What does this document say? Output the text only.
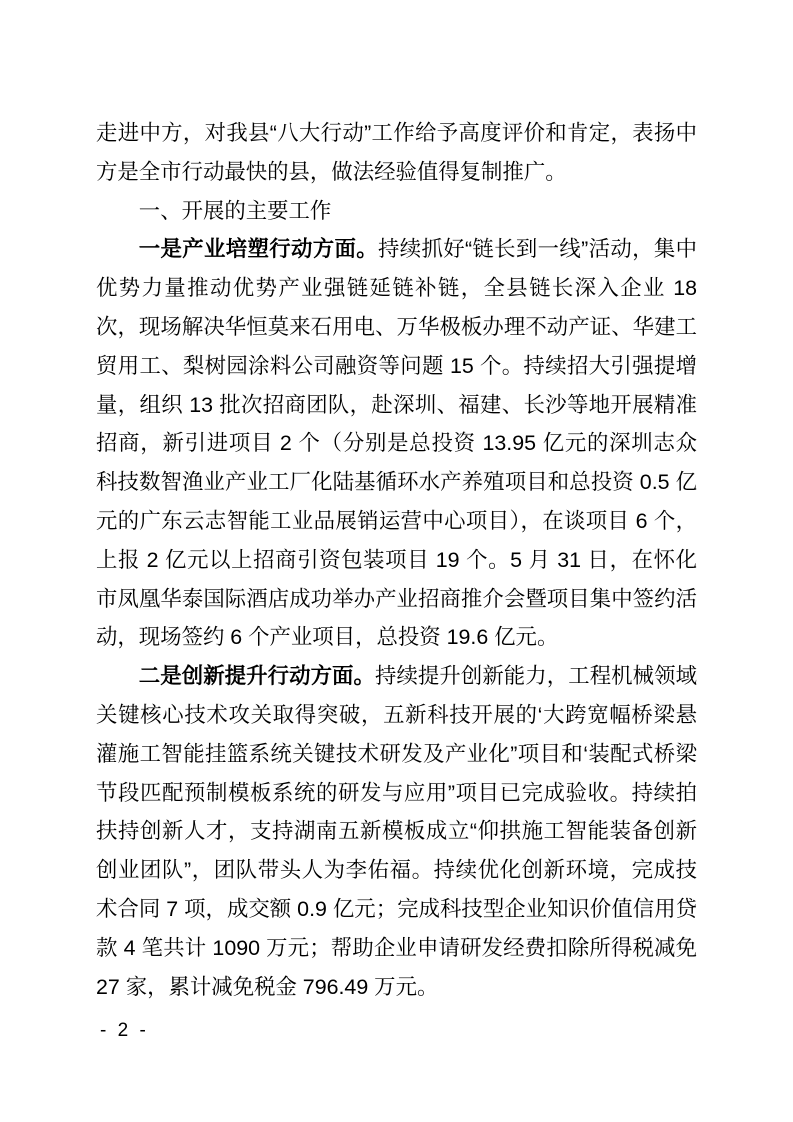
走进中方，对我县“八大行动”工作给予高度评价和肯定，表扬中方是全市行动最快的县，做法经验值得复制推广。

一、开展的主要工作

一是产业培塑行动方面。持续抓好“链长到一线”活动，集中优势力量推动优势产业强链延链补链，全县链长深入企业 18 次，现场解决华恒莫来石用电、万华极板办理不动产证、华建工贸用工、梨树园涂料公司融资等问题 15 个。持续招大引强提增量，组织 13 批次招商团队，赴深圳、福建、长沙等地开展精准招商，新引进项目 2 个（分别是总投资 13.95 亿元的深圳志众科技数智渔业产业工厂化陆基循环水产养殖项目和总投资 0.5 亿元的广东云志智能工业品展销运营中心项目），在谈项目 6 个，上报 2 亿元以上招商引资包装项目 19 个。5 月 31 日，在怀化市凤凰华泰国际酒店成功举办产业招商推介会暨项目集中签约活动，现场签约 6 个产业项目，总投资 19.6 亿元。

二是创新提升行动方面。持续提升创新能力，工程机械领域关键核心技术攻关取得突破，五新科技开展的‘大跨宽幅桥梁悬灌施工智能挂篮系统关键技术研发及产业化”项目和‘装配式桥梁节段匹配预制模板系统的研发与应用”项目已完成验收。持续拍扶持创新人才，支持湖南五新模板成立“仰拱施工智能装备创新创业团队”，团队带头人为李佑福。持续优化创新环境，完成技术合同 7 项，成交额 0.9 亿元；完成科技型企业知识价值信用贷款 4 笔共计 1090 万元；帮助企业申请研发经费扣除所得税减免 27 家，累计减免税金 796.49 万元。

- 2 -
